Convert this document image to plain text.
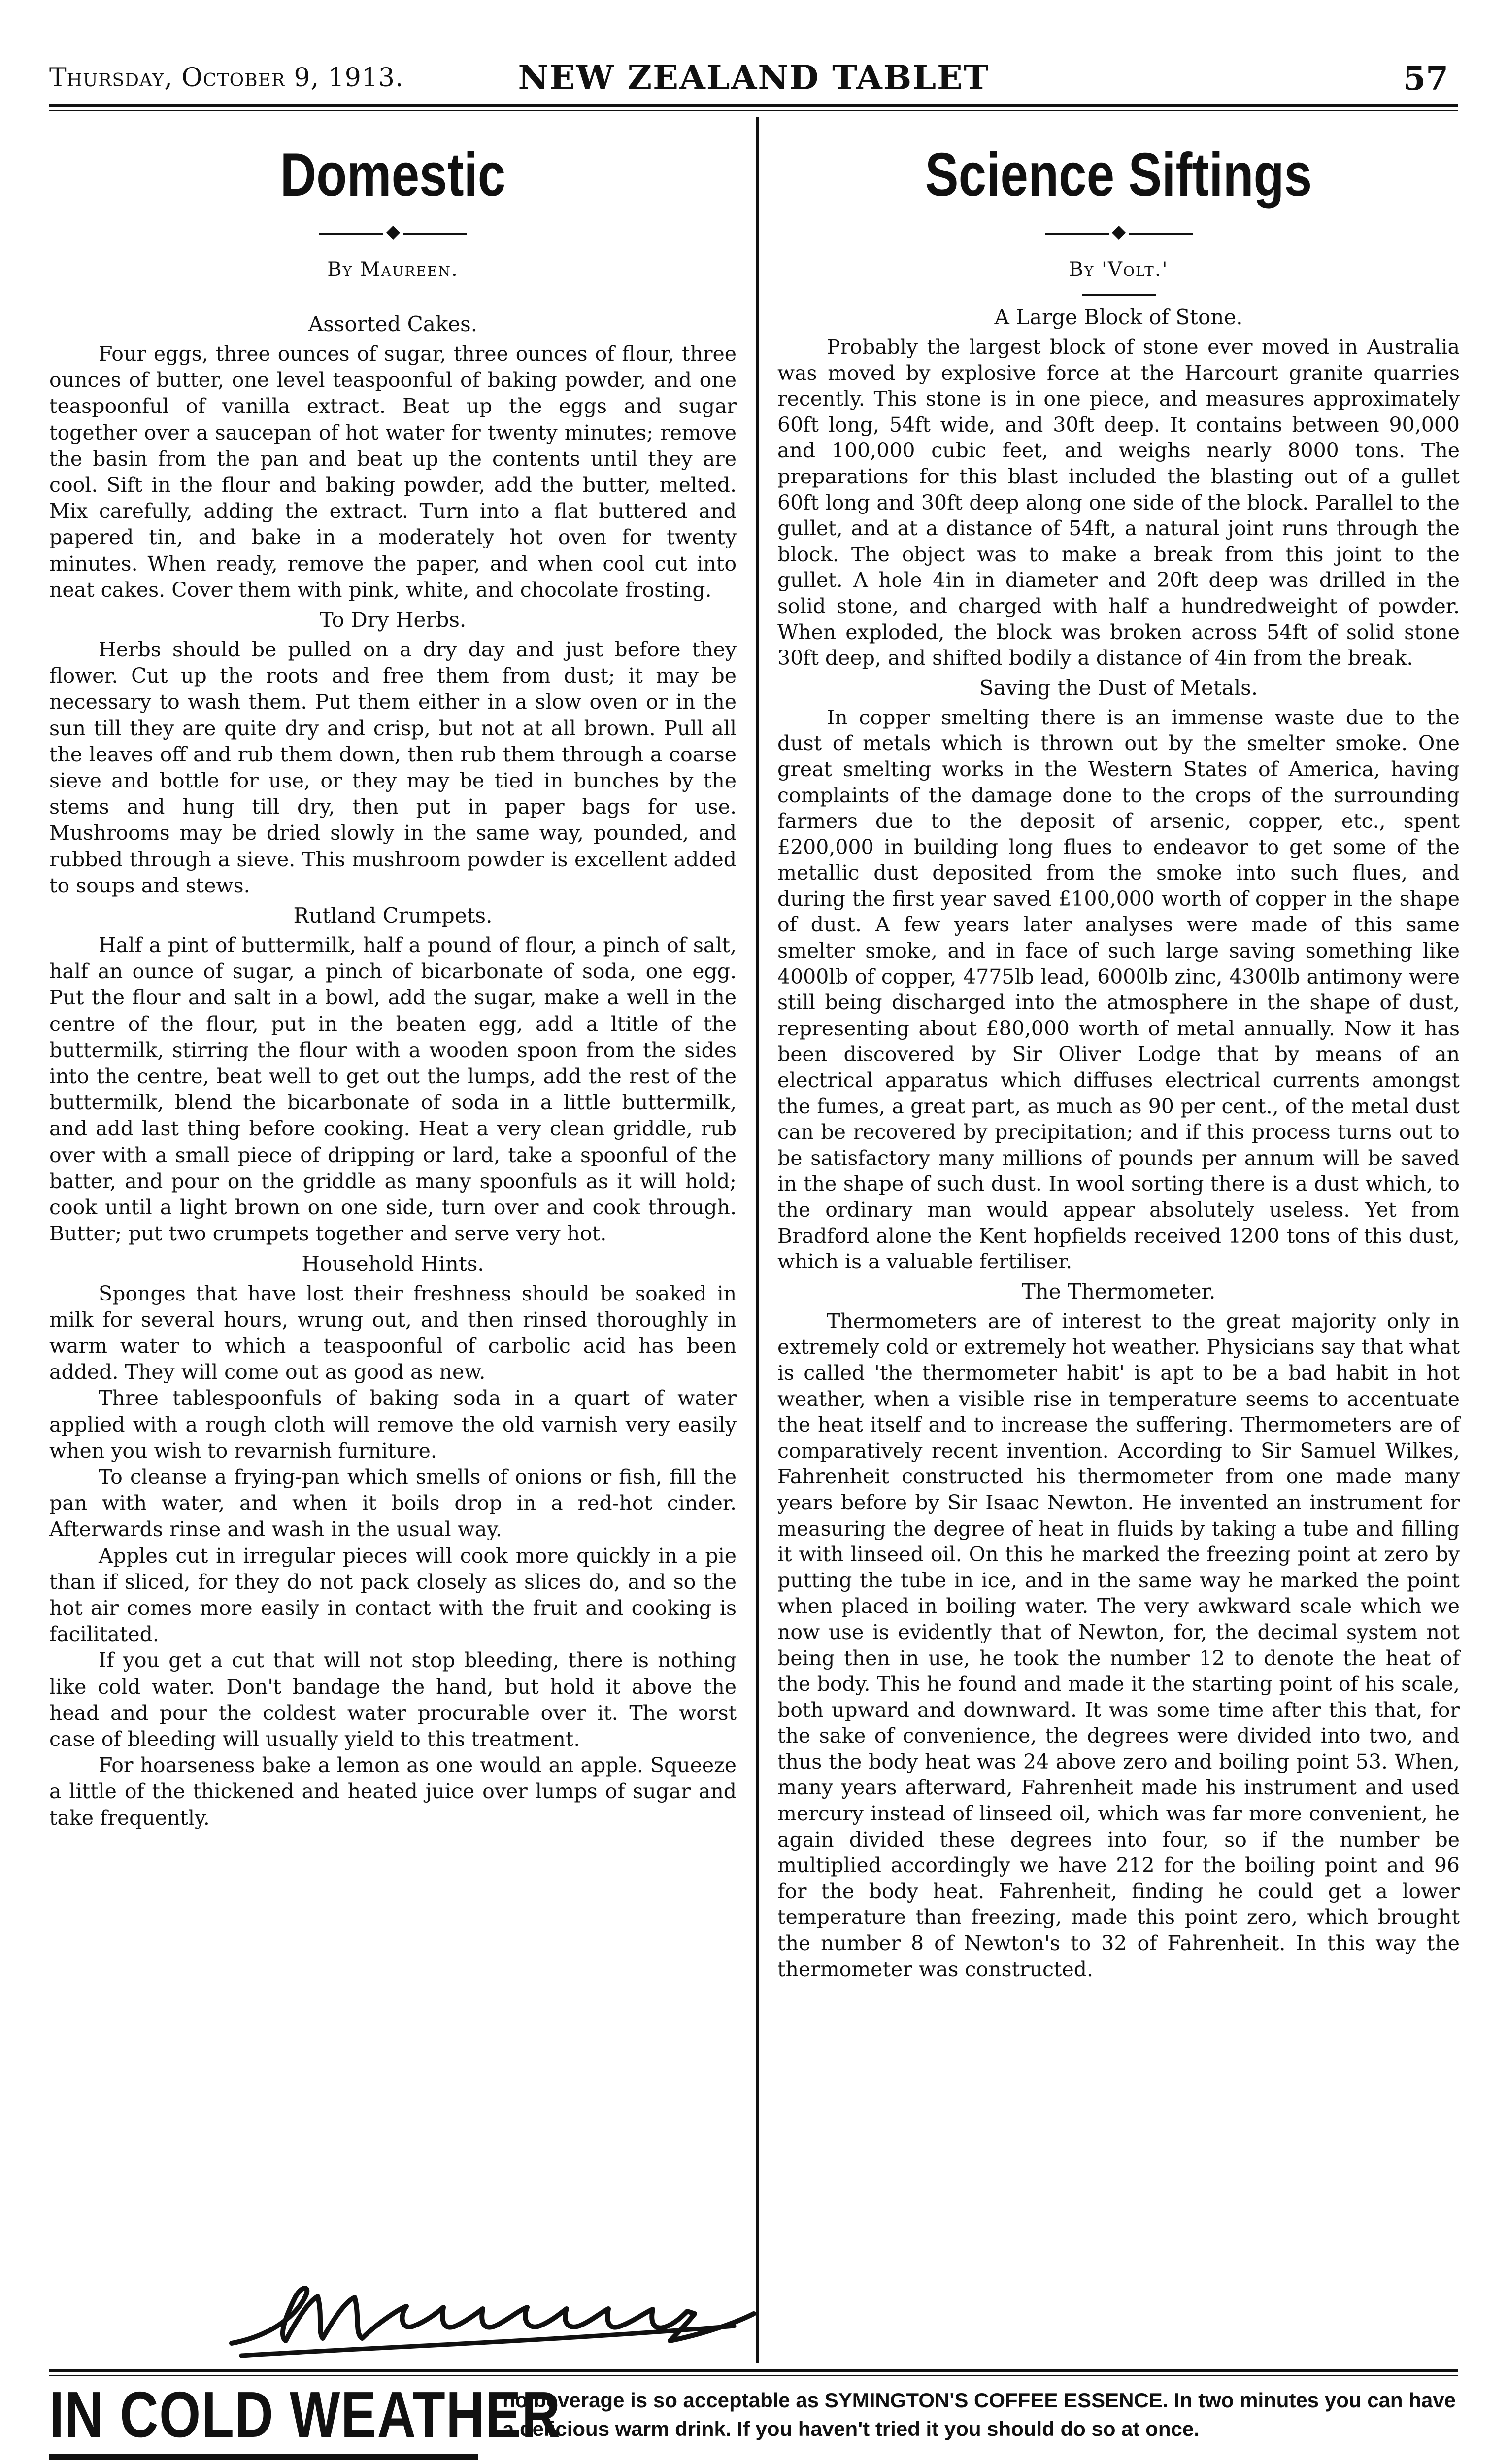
Thursday, October 9, 1913.	NEW ZEALAND TABLET	57
Domestic
By Maureen.
Assorted Cakes.

Four eggs, three ounces of sugar, three ounces of flour, three ounces of butter, one level teaspoonful of baking powder, and one teaspoonful of vanilla extract. Beat up the eggs and sugar together over a saucepan of hot water for twenty minutes; remove the basin from the pan and beat up the contents until they are cool. Sift in the flour and baking powder, add the butter, melted. Mix carefully, adding the extract. Turn into a flat buttered and papered tin, and bake in a moderately hot oven for twenty minutes. When ready, remove the paper, and when cool cut into neat cakes. Cover them with pink, white, and chocolate frosting.

To Dry Herbs.

Herbs should be pulled on a dry day and just before they flower. Cut up the roots and free them from dust; it may be necessary to wash them. Put them either in a slow oven or in the sun till they are quite dry and crisp, but not at all brown. Pull all the leaves off and rub them down, then rub them through a coarse sieve and bottle for use, or they may be tied in bunches by the stems and hung till dry, then put in paper bags for use. Mushrooms may be dried slowly in the same way, pounded, and rubbed through a sieve. This mushroom powder is excellent added to soups and stews.

Rutland Crumpets.

Half a pint of buttermilk, half a pound of flour, a pinch of salt, half an ounce of sugar, a pinch of bicarbonate of soda, one egg. Put the flour and salt in a bowl, add the sugar, make a well in the centre of the flour, put in the beaten egg, add a ltitle of the buttermilk, stirring the flour with a wooden spoon from the sides into the centre, beat well to get out the lumps, add the rest of the buttermilk, blend the bicarbonate of soda in a little buttermilk, and add last thing before cooking. Heat a very clean griddle, rub over with a small piece of dripping or lard, take a spoonful of the batter, and pour on the griddle as many spoonfuls as it will hold; cook until a light brown on one side, turn over and cook through. Butter; put two crumpets together and serve very hot.

Household Hints.

Sponges that have lost their freshness should be soaked in milk for several hours, wrung out, and then rinsed thoroughly in warm water to which a teaspoonful of carbolic acid has been added. They will come out as good as new.

Three tablespoonfuls of baking soda in a quart of water applied with a rough cloth will remove the old varnish very easily when you wish to revarnish furniture.

To cleanse a frying-pan which smells of onions or fish, fill the pan with water, and when it boils drop in a red-hot cinder. Afterwards rinse and wash in the usual way.

Apples cut in irregular pieces will cook more quickly in a pie than if sliced, for they do not pack closely as slices do, and so the hot air comes more easily in contact with the fruit and cooking is facilitated.

If you get a cut that will not stop bleeding, there is nothing like cold water. Don't bandage the hand, but hold it above the head and pour the coldest water procurable over it. The worst case of bleeding will usually yield to this treatment.

For hoarseness bake a lemon as one would an apple. Squeeze a little of the thickened and heated juice over lumps of sugar and take frequently.

Science Siftings
By 'Volt.'
A Large Block of Stone.

Probably the largest block of stone ever moved in Australia was moved by explosive force at the Harcourt granite quarries recently. This stone is in one piece, and measures approximately 60ft long, 54ft wide, and 30ft deep. It contains between 90,000 and 100,000 cubic feet, and weighs nearly 8000 tons. The preparations for this blast included the blasting out of a gullet 60ft long and 30ft deep along one side of the block. Parallel to the gullet, and at a distance of 54ft, a natural joint runs through the block. The object was to make a break from this joint to the gullet. A hole 4in in diameter and 20ft deep was drilled in the solid stone, and charged with half a hundredweight of powder. When exploded, the block was broken across 54ft of solid stone 30ft deep, and shifted bodily a distance of 4in from the break.

Saving the Dust of Metals.

In copper smelting there is an immense waste due to the dust of metals which is thrown out by the smelter smoke. One great smelting works in the Western States of America, having complaints of the damage done to the crops of the surrounding farmers due to the deposit of arsenic, copper, etc., spent £200,000 in building long flues to endeavor to get some of the metallic dust deposited from the smoke into such flues, and during the first year saved £100,000 worth of copper in the shape of dust. A few years later analyses were made of this same smelter smoke, and in face of such large saving something like 4000lb of copper, 4775lb lead, 6000lb zinc, 4300lb antimony were still being discharged into the atmosphere in the shape of dust, representing about £80,000 worth of metal annually. Now it has been discovered by Sir Oliver Lodge that by means of an electrical apparatus which diffuses electrical currents amongst the fumes, a great part, as much as 90 per cent., of the metal dust can be recovered by precipitation; and if this process turns out to be satisfactory many millions of pounds per annum will be saved in the shape of such dust. In wool sorting there is a dust which, to the ordinary man would appear absolutely useless. Yet from Bradford alone the Kent hopfields received 1200 tons of this dust, which is a valuable fertiliser.

The Thermometer.

Thermometers are of interest to the great majority only in extremely cold or extremely hot weather. Physicians say that what is called 'the thermometer habit' is apt to be a bad habit in hot weather, when a visible rise in temperature seems to accentuate the heat itself and to increase the suffering. Thermometers are of comparatively recent invention. According to Sir Samuel Wilkes, Fahrenheit constructed his thermometer from one made many years before by Sir Isaac Newton. He invented an instrument for measuring the degree of heat in fluids by taking a tube and filling it with linseed oil. On this he marked the freezing point at zero by putting the tube in ice, and in the same way he marked the point when placed in boiling water. The very awkward scale which we now use is evidently that of Newton, for, the decimal system not being then in use, he took the number 12 to denote the heat of the body. This he found and made it the starting point of his scale, both upward and downward. It was some time after this that, for the sake of convenience, the degrees were divided into two, and thus the body heat was 24 above zero and boiling point 53. When, many years afterward, Fahrenheit made his instrument and used mercury instead of linseed oil, which was far more convenient, he again divided these degrees into four, so if the number be multiplied accordingly we have 212 for the boiling point and 96 for the body heat. Fahrenheit, finding he could get a lower temperature than freezing, made this point zero, which brought the number 8 of Newton's to 32 of Fahrenheit. In this way the thermometer was constructed.

IN COLD WEATHER
no beverage is so acceptable as SYMINGTON'S COFFEE ESSENCE. In two minutes you can have a delicious warm drink. If you haven't tried it you should do so at once.
